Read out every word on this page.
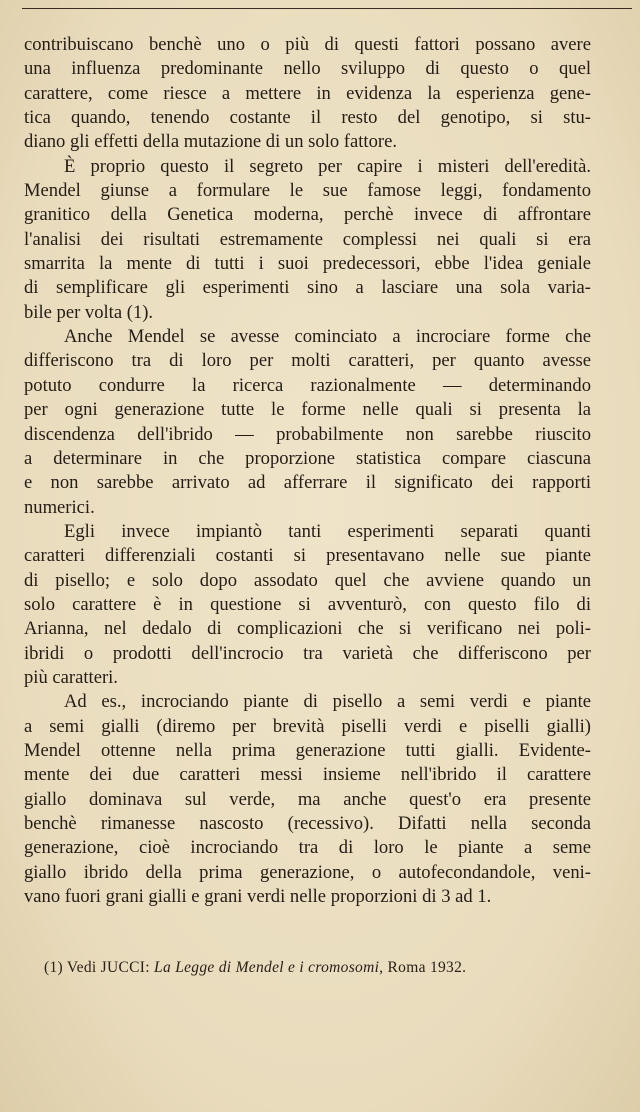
contribuiscano benchè uno o più di questi fattori possano avere
una influenza predominante nello sviluppo di questo o quel
carattere, come riesce a mettere in evidenza la esperienza gene-
tica quando, tenendo costante il resto del genotipo, si stu-
diano gli effetti della mutazione di un solo fattore.

È proprio questo il segreto per capire i misteri dell'eredità.
Mendel giunse a formulare le sue famose leggi, fondamento
granitico della Genetica moderna, perchè invece di affrontare
l'analisi dei risultati estremamente complessi nei quali si era
smarrita la mente di tutti i suoi predecessori, ebbe l'idea geniale
di semplificare gli esperimenti sino a lasciare una sola varia-
bile per volta (1).

Anche Mendel se avesse cominciato a incrociare forme che
differiscono tra di loro per molti caratteri, per quanto avesse
potuto condurre la ricerca razionalmente — determinando
per ogni generazione tutte le forme nelle quali si presenta la
discendenza dell'ibrido — probabilmente non sarebbe riuscito
a determinare in che proporzione statistica compare ciascuna
e non sarebbe arrivato ad afferrare il significato dei rapporti
numerici.

Egli invece impiantò tanti esperimenti separati quanti
caratteri differenziali costanti si presentavano nelle sue piante
di pisello; e solo dopo assodato quel che avviene quando un
solo carattere è in questione si avventurò, con questo filo di
Arianna, nel dedalo di complicazioni che si verificano nei poli-
ibridi o prodotti dell'incrocio tra varietà che differiscono per
più caratteri.

Ad es., incrociando piante di pisello a semi verdi e piante
a semi gialli (diremo per brevità piselli verdi e piselli gialli)
Mendel ottenne nella prima generazione tutti gialli. Evidente-
mente dei due caratteri messi insieme nell'ibrido il carattere
giallo dominava sul verde, ma anche quest'o era presente
benchè rimanesse nascosto (recessivo). Difatti nella seconda
generazione, cioè incrociando tra di loro le piante a seme
giallo ibrido della prima generazione, o autofecondandole, veni-
vano fuori grani gialli e grani verdi nelle proporzioni di 3 ad 1.

(1) Vedi JUCCI: La Legge di Mendel e i cromosomi, Roma 1932.
